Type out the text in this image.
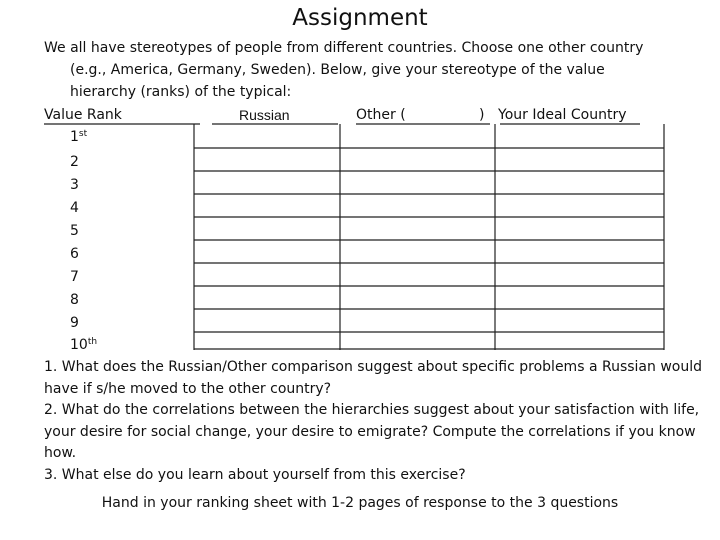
Assignment
We all have stereotypes of people from different countries. Choose one other country
(e.g., America, Germany, Sweden). Below, give your stereotype of the value
hierarchy (ranks) of the typical:
Value Rank	Russian	Other (	) Your Ideal Country
1st
2
3
4
5
6
7
8
9
10th

1. What does the Russian/Other comparison suggest about specific problems a Russian would have if s/he moved to the other country?

2. What do the correlations between the hierarchies suggest about your satisfaction with life, your desire for social change, your desire to emigrate? Compute the correlations if you know how.

3. What else do you learn about yourself from this exercise?

Hand in your ranking sheet with 1-2 pages of response to the 3 questions
